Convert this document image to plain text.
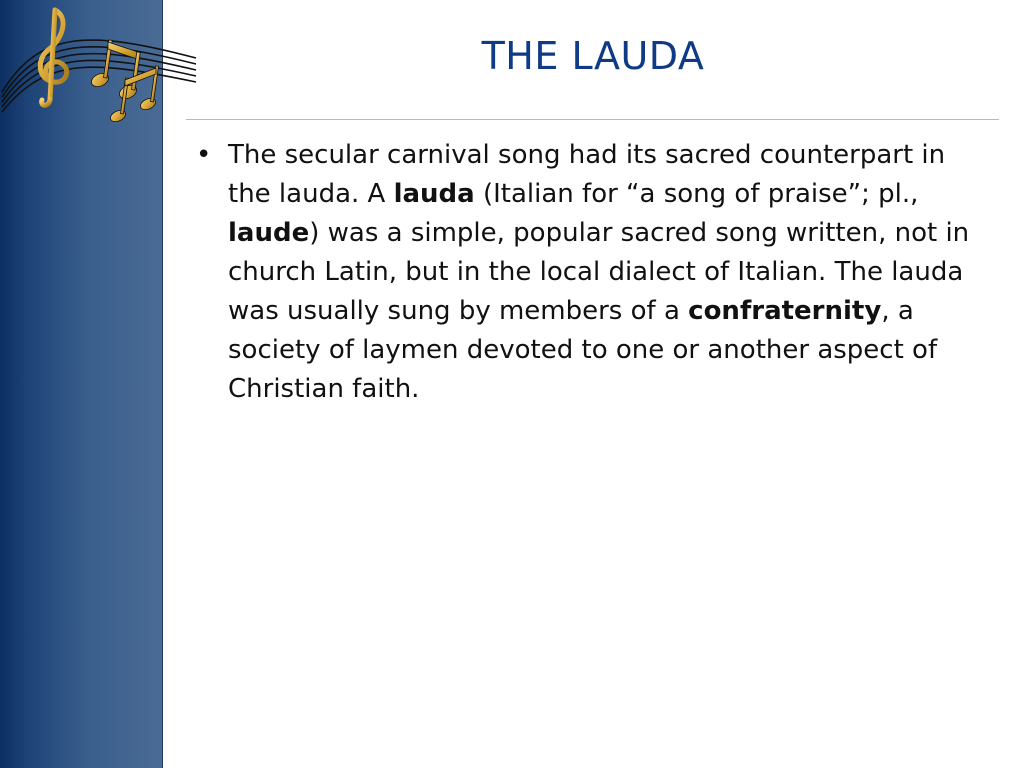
THE LAUDA
• The secular carnival song had its sacred counterpart in the lauda. A lauda (Italian for “a song of praise”; pl., laude) was a simple, popular sacred song written, not in church Latin, but in the local dialect of Italian. The lauda was usually sung by members of a confraternity, a society of laymen devoted to one or another aspect of Christian faith.
